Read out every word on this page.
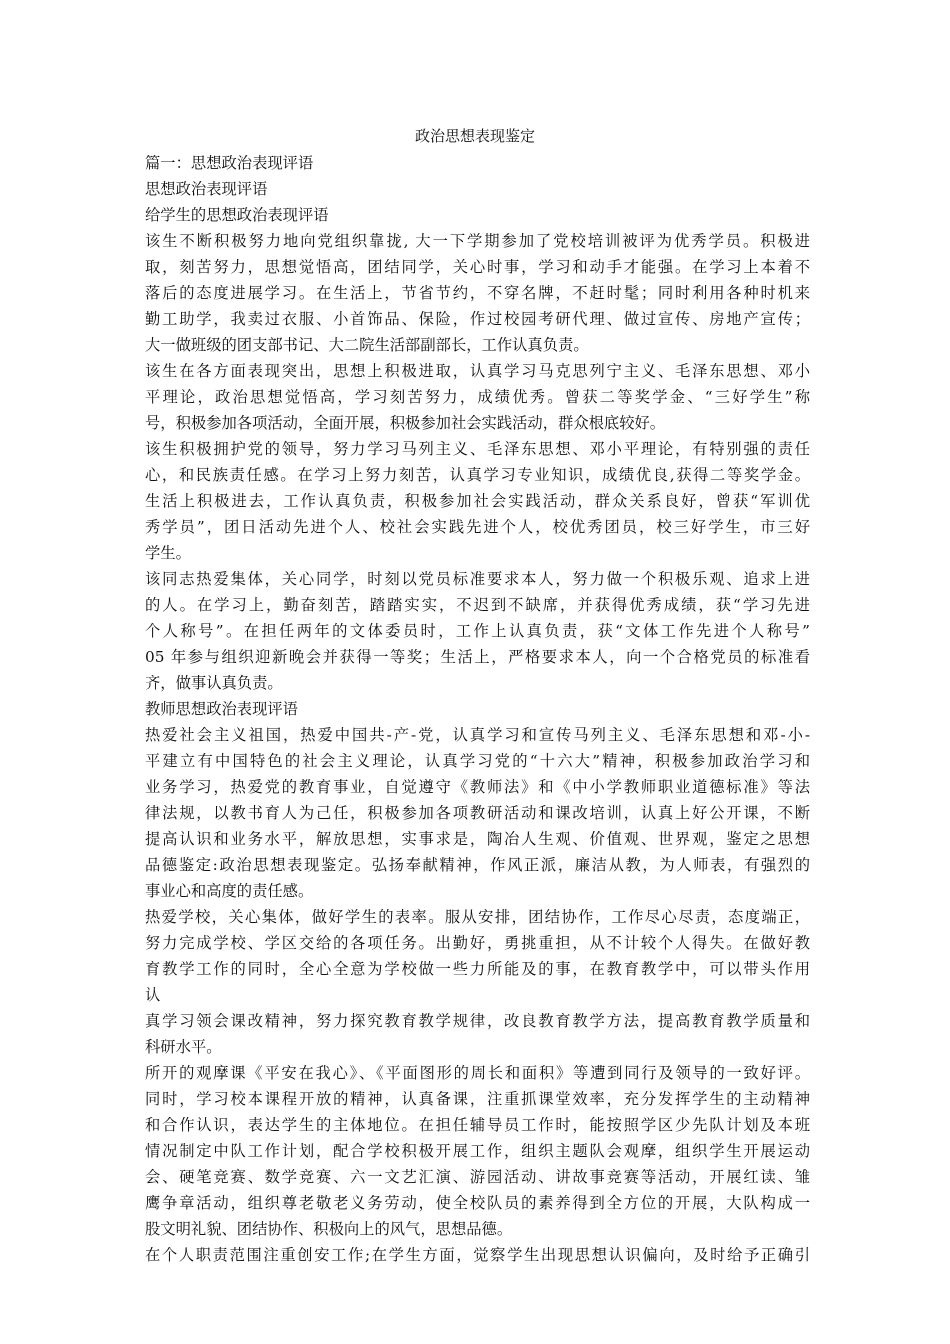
政治思想表现鉴定
篇一：思想政治表现评语
思想政治表现评语
给学生的思想政治表现评语
该生不断积极努力地向党组织靠拢, 大一下学期参加了党校培训被评为优秀学员。积极进
取，刻苦努力，思想觉悟高，团结同学，关心时事，学习和动手才能强。在学习上本着不
落后的态度进展学习。在生活上，节省节约，不穿名牌，不赶时髦；同时利用各种时机来
勤工助学，我卖过衣服、小首饰品、保险，作过校园考研代理、做过宣传、房地产宣传；
大一做班级的团支部书记、大二院生活部副部长，工作认真负责。
该生在各方面表现突出，思想上积极进取，认真学习马克思列宁主义、毛泽东思想、邓小
平理论，政治思想觉悟高，学习刻苦努力，成绩优秀。曾获二等奖学金、“三好学生”称
号，积极参加各项活动，全面开展，积极参加社会实践活动，群众根底较好。
该生积极拥护党的领导，努力学习马列主义、毛泽东思想、邓小平理论，有特别强的责任
心，和民族责任感。在学习上努力刻苦，认真学习专业知识，成绩优良,获得二等奖学金。
生活上积极进去，工作认真负责，积极参加社会实践活动，群众关系良好，曾获“军训优
秀学员”，团日活动先进个人、校社会实践先进个人，校优秀团员，校三好学生，市三好
学生。
该同志热爱集体，关心同学，时刻以党员标准要求本人，努力做一个积极乐观、追求上进
的人。在学习上，勤奋刻苦，踏踏实实，不迟到不缺席，并获得优秀成绩，获“学习先进
个人称号”。在担任两年的文体委员时，工作上认真负责，获“文体工作先进个人称号”
05 年参与组织迎新晚会并获得一等奖；生活上，严格要求本人，向一个合格党员的标准看
齐，做事认真负责。
教师思想政治表现评语
热爱社会主义祖国，热爱中国共-产-党，认真学习和宣传马列主义、毛泽东思想和邓-小-
平建立有中国特色的社会主义理论，认真学习党的“十六大”精神，积极参加政治学习和
业务学习，热爱党的教育事业，自觉遵守《教师法》和《中小学教师职业道德标准》等法
律法规，以教书育人为己任，积极参加各项教研活动和课改培训，认真上好公开课，不断
提高认识和业务水平，解放思想，实事求是，陶冶人生观、价值观、世界观，鉴定之思想
品德鉴定:政治思想表现鉴定。弘扬奉献精神，作风正派，廉洁从教，为人师表，有强烈的
事业心和高度的责任感。
热爱学校，关心集体，做好学生的表率。服从安排，团结协作，工作尽心尽责，态度端正，
努力完成学校、学区交给的各项任务。出勤好，勇挑重担，从不计较个人得失。在做好教
育教学工作的同时，全心全意为学校做一些力所能及的事，在教育教学中，可以带头作用
认
真学习领会课改精神，努力探究教育教学规律，改良教育教学方法，提高教育教学质量和
科研水平。
所开的观摩课《平安在我心》、《平面图形的周长和面积》等遭到同行及领导的一致好评。
同时，学习校本课程开放的精神，认真备课，注重抓课堂效率，充分发挥学生的主动精神
和合作认识，表达学生的主体地位。在担任辅导员工作时，能按照学区少先队计划及本班
情况制定中队工作计划，配合学校积极开展工作，组织主题队会观摩，组织学生开展运动
会、硬笔竞赛、数学竞赛、六一文艺汇演、游园活动、讲故事竞赛等活动，开展红读、雏
鹰争章活动，组织尊老敬老义务劳动，使全校队员的素养得到全方位的开展，大队构成一
股文明礼貌、团结协作、积极向上的风气，思想品德。
在个人职责范围注重创安工作;在学生方面，觉察学生出现思想认识偏向，及时给予正确引
